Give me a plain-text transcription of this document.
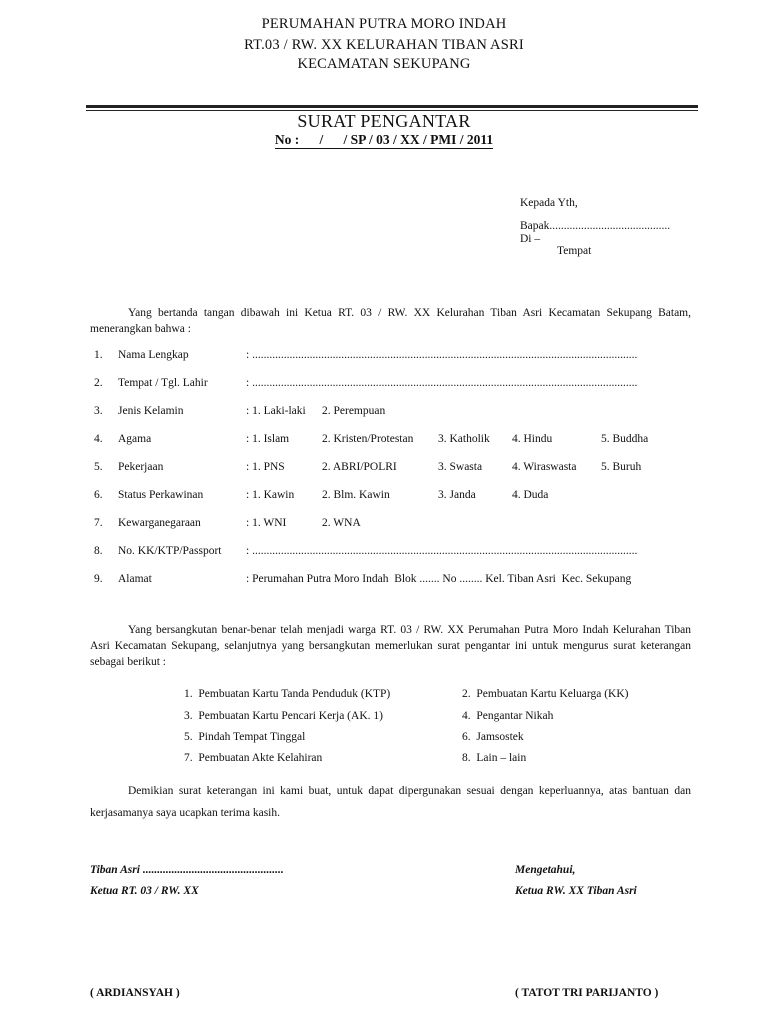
PERUMAHAN PUTRA MORO INDAH
RT.03 / RW. XX KELURAHAN TIBAN ASRI
KECAMATAN SEKUPANG
SURAT PENGANTAR
No :      /      / SP / 03 / XX / PMI / 2011
Kepada Yth,
Bapak..........................................
Di –
Tempat
Yang bertanda tangan dibawah ini Ketua RT. 03 / RW. XX Kelurahan Tiban Asri Kecamatan Sekupang Batam, menerangkan bahwa :
1. Nama Lengkap	: ......................................................................................................................................
2. Tempat / Tgl. Lahir	: ......................................................................................................................................
3. Jenis Kelamin	: 1. Laki-laki 2. Perempuan
4. Agama	: 1. Islam	2. Kristen/Protestan 3. Katholik 4. Hindu	5. Buddha
5. Pekerjaan	: 1. PNS	2. ABRI/POLRI	3. Swasta	4. Wiraswasta 5. Buruh
6. Status Perkawinan	: 1. Kawin 2. Blm. Kawin	3. Janda	4. Duda
7. Kewarganegaraan	: 1. WNI	2. WNA
8. No. KK/KTP/Passport : ......................................................................................................................................
9. Alamat	: Perumahan Putra Moro Indah  Blok ....... No ........ Kel. Tiban Asri  Kec. Sekupang
Yang bersangkutan benar-benar telah menjadi warga RT. 03 / RW. XX Perumahan Putra Moro Indah Kelurahan Tiban Asri Kecamatan Sekupang, selanjutnya yang bersangkutan memerlukan surat pengantar ini untuk mengurus surat keterangan sebagai berikut :
1.  Pembuatan Kartu Tanda Penduduk (KTP)
3.  Pembuatan Kartu Pencari Kerja (AK. 1)
5.  Pindah Tempat Tinggal
7.  Pembuatan Akte Kelahiran
2.  Pembuatan Kartu Keluarga (KK)
4.  Pengantar Nikah
6.  Jamsostek
8.  Lain – lain
Demikian surat keterangan ini kami buat, untuk dapat dipergunakan sesuai dengan keperluannya, atas bantuan dan kerjasamanya saya ucapkan terima kasih.
Tiban Asri .................................................
Ketua RT. 03 / RW. XX
( ARDIANSYAH )
Mengetahui,
Ketua RW. XX Tiban Asri
( TATOT TRI PARIJANTO )
